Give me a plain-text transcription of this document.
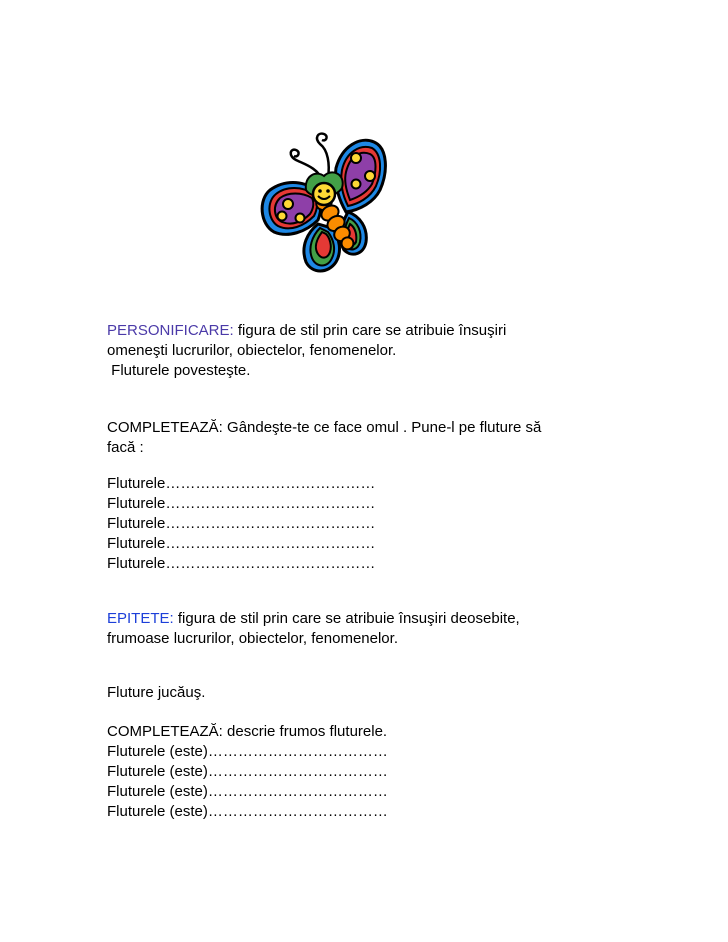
PERSONIFICARE: figura de stil prin care se atribuie însuşiri
omeneşti lucrurilor, obiectelor, fenomenelor.
Fluturele povesteşte.
COMPLETEAZĂ: Gândeşte-te ce face omul . Pune-l pe fluture să
facă :
Fluturele……………………………………
Fluturele……………………………………
Fluturele……………………………………
Fluturele……………………………………
Fluturele……………………………………
EPITETE: figura de stil prin care se atribuie însuşiri deosebite,
frumoase lucrurilor, obiectelor, fenomenelor.
Fluture jucăuş.
COMPLETEAZĂ: descrie frumos fluturele.
Fluturele (este)………………………………
Fluturele (este)………………………………
Fluturele (este)………………………………
Fluturele (este)………………………………
